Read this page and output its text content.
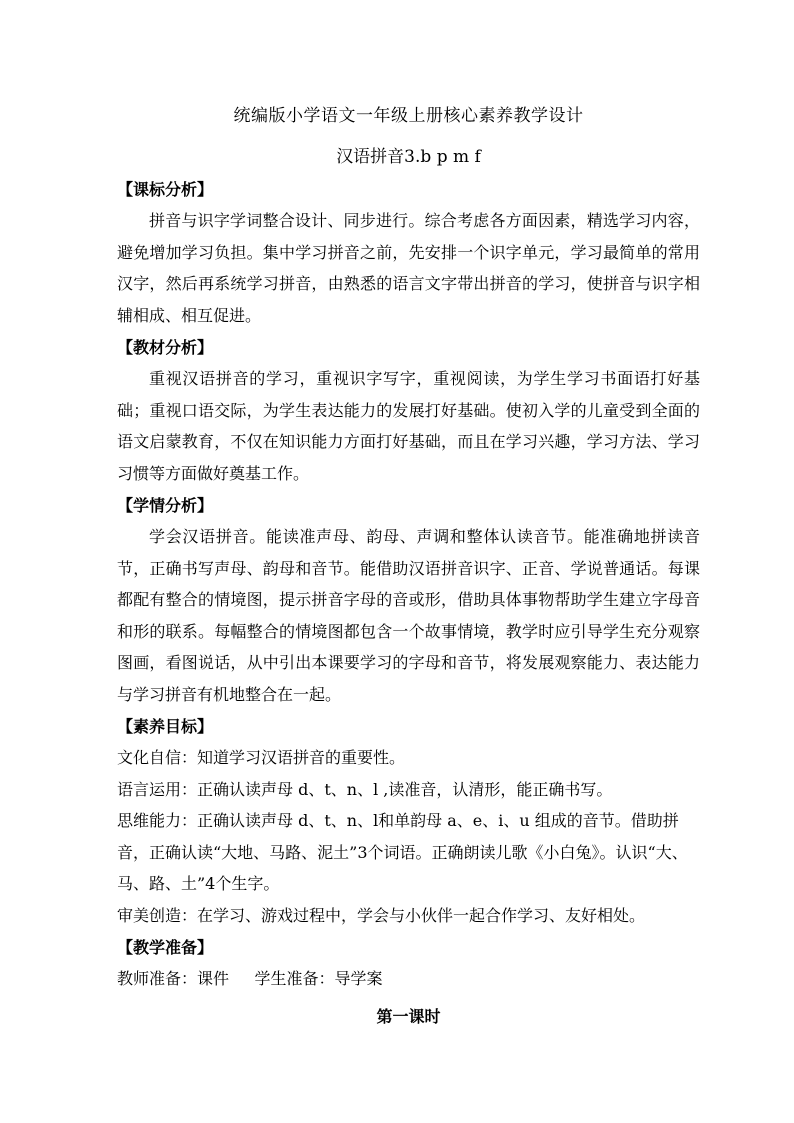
统编版小学语文一年级上册核心素养教学设计

汉语拼音3.b p m f

【课标分析】

拼音与识字学词整合设计、同步进行。综合考虑各方面因素，精选学习内容，避免增加学习负担。集中学习拼音之前，先安排一个识字单元，学习最简单的常用汉字，然后再系统学习拼音，由熟悉的语言文字带出拼音的学习，使拼音与识字相辅相成、相互促进。

【教材分析】

重视汉语拼音的学习，重视识字写字，重视阅读，为学生学习书面语打好基础；重视口语交际，为学生表达能力的发展打好基础。使初入学的儿童受到全面的语文启蒙教育，不仅在知识能力方面打好基础，而且在学习兴趣，学习方法、学习习惯等方面做好奠基工作。

【学情分析】

学会汉语拼音。能读准声母、韵母、声调和整体认读音节。能准确地拼读音节，正确书写声母、韵母和音节。能借助汉语拼音识字、正音、学说普通话。每课都配有整合的情境图，提示拼音字母的音或形，借助具体事物帮助学生建立字母音和形的联系。每幅整合的情境图都包含一个故事情境，教学时应引导学生充分观察图画，看图说话，从中引出本课要学习的字母和音节，将发展观察能力、表达能力与学习拼音有机地整合在一起。

【素养目标】

文化自信：知道学习汉语拼音的重要性。

语言运用：正确认读声母 d、t、n、l ,读准音，认清形，能正确书写。

思维能力：正确认读声母 d、t、n、l和单韵母 a、e、i、u 组成的音节。借助拼音，正确认读“大地、马路、泥土”3个词语。正确朗读儿歌《小白兔》。认识“大、马、路、土”4个生字。

审美创造：在学习、游戏过程中，学会与小伙伴一起合作学习、友好相处。

【教学准备】

教师准备：课件 学生准备：导学案

第一课时
